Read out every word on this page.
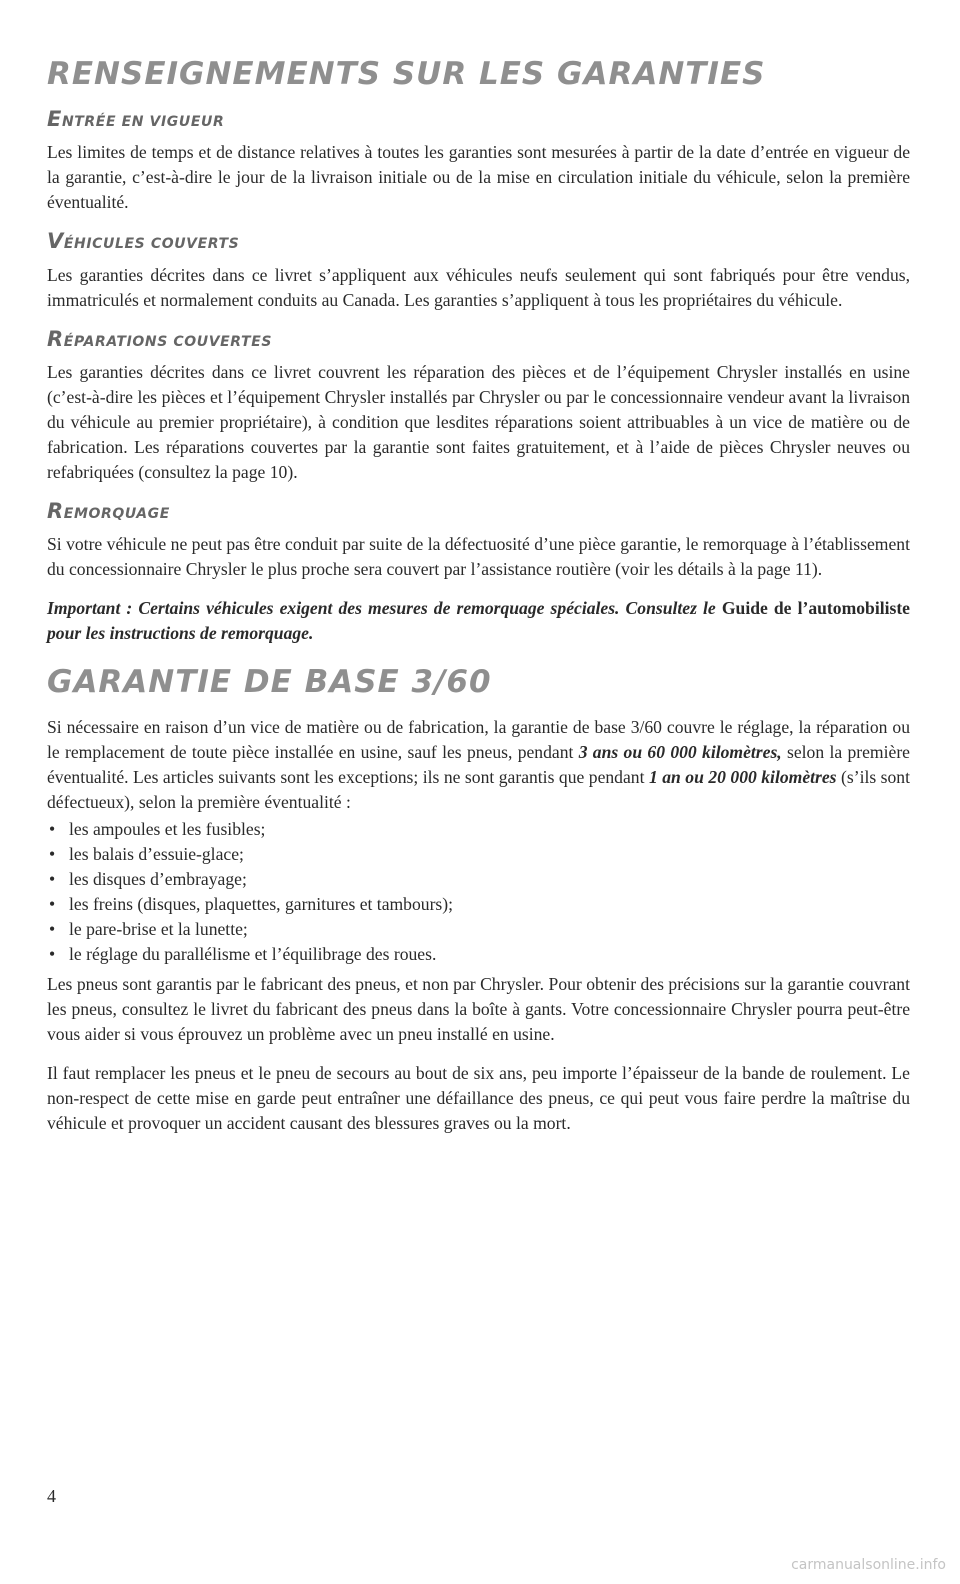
RENSEIGNEMENTS SUR LES GARANTIES
ENTRÉE EN VIGUEUR

Les limites de temps et de distance relatives à toutes les garanties sont mesurées à partir de la date d’entrée en vigueur de la garantie, c’est-à-dire le jour de la livraison initiale ou de la mise en circulation initiale du véhicule, selon la première éventualité.

VÉHICULES COUVERTS

Les garanties décrites dans ce livret s’appliquent aux véhicules neufs seulement qui sont fabriqués pour être vendus, immatriculés et normalement conduits au Canada. Les garanties s’appliquent à tous les propriétaires du véhicule.

RÉPARATIONS COUVERTES

Les garanties décrites dans ce livret couvrent les réparation des pièces et de l’équipement Chrysler installés en usine (c’est-à-dire les pièces et l’équipement Chrysler installés par Chrysler ou par le concessionnaire vendeur avant la livraison du véhicule au premier propriétaire), à condition que lesdites réparations soient attribuables à un vice de matière ou de fabrication. Les réparations couvertes par la garantie sont faites gratuitement, et à l’aide de pièces Chrysler neuves ou refabriquées (consultez la page 10).

REMORQUAGE

Si votre véhicule ne peut pas être conduit par suite de la défectuosité d’une pièce garantie, le remorquage à l’établissement du concessionnaire Chrysler le plus proche sera couvert par l’assistance routière (voir les détails à la page 11).

Important : Certains véhicules exigent des mesures de remorquage spéciales. Consultez le Guide de l’automobiliste pour les instructions de remorquage.

GARANTIE DE BASE 3/60

Si nécessaire en raison d’un vice de matière ou de fabrication, la garantie de base 3/60 couvre le réglage, la réparation ou le remplacement de toute pièce installée en usine, sauf les pneus, pendant 3 ans ou 60 000 kilomètres, selon la première éventualité. Les articles suivants sont les exceptions; ils ne sont garantis que pendant 1 an ou 20 000 kilomètres (s’ils sont défectueux), selon la première éventualité :

• les ampoules et les fusibles;
• les balais d’essuie-glace;
• les disques d’embrayage;
• les freins (disques, plaquettes, garnitures et tambours);
• le pare-brise et la lunette;
• le réglage du parallélisme et l’équilibrage des roues.

Les pneus sont garantis par le fabricant des pneus, et non par Chrysler. Pour obtenir des précisions sur la garantie couvrant les pneus, consultez le livret du fabricant des pneus dans la boîte à gants. Votre concessionnaire Chrysler pourra peut-être vous aider si vous éprouvez un problème avec un pneu installé en usine.

Il faut remplacer les pneus et le pneu de secours au bout de six ans, peu importe l’épaisseur de la bande de roulement. Le non-respect de cette mise en garde peut entraîner une défaillance des pneus, ce qui peut vous faire perdre la maîtrise du véhicule et provoquer un accident causant des blessures graves ou la mort.

4
carmanualsonline.info
